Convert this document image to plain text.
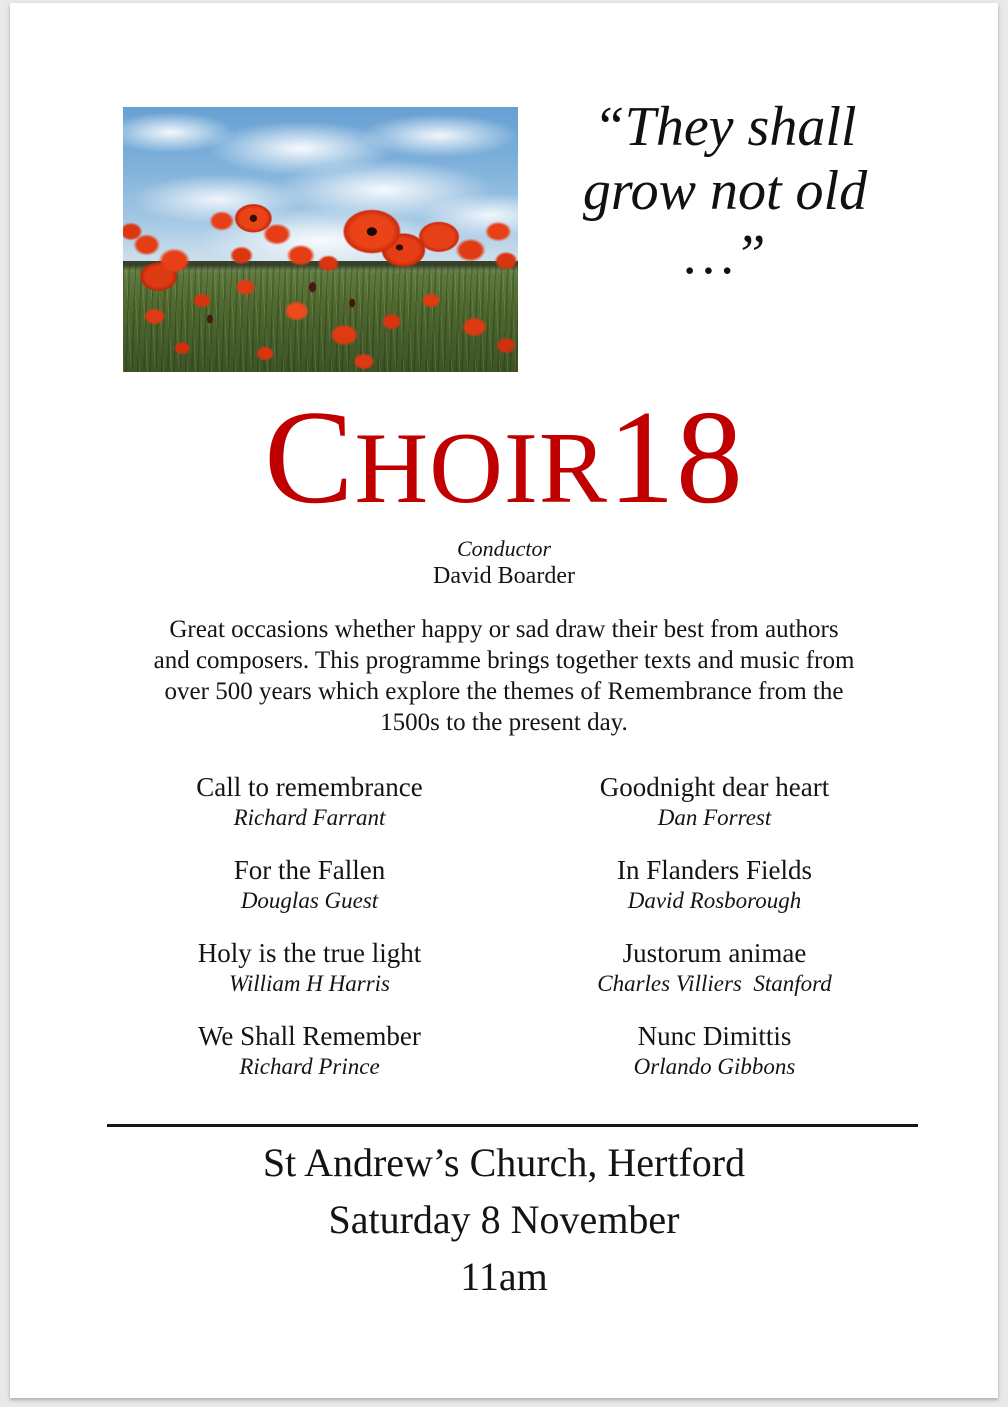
“They shall
grow not old
…”
CHOIR18
Conductor
David Boarder
Great occasions whether happy or sad draw their best from authors
and composers. This programme brings together texts and music from
over 500 years which explore the themes of Remembrance from the
1500s to the present day.
Call to remembrance
Richard Farrant
Goodnight dear heart
Dan Forrest
For the Fallen
Douglas Guest
In Flanders Fields
David Rosborough
Holy is the true light
William H Harris
Justorum animae
Charles Villiers  Stanford
We Shall Remember
Richard Prince
Nunc Dimittis
Orlando Gibbons
St Andrew’s Church, Hertford
Saturday 8 November
11am
